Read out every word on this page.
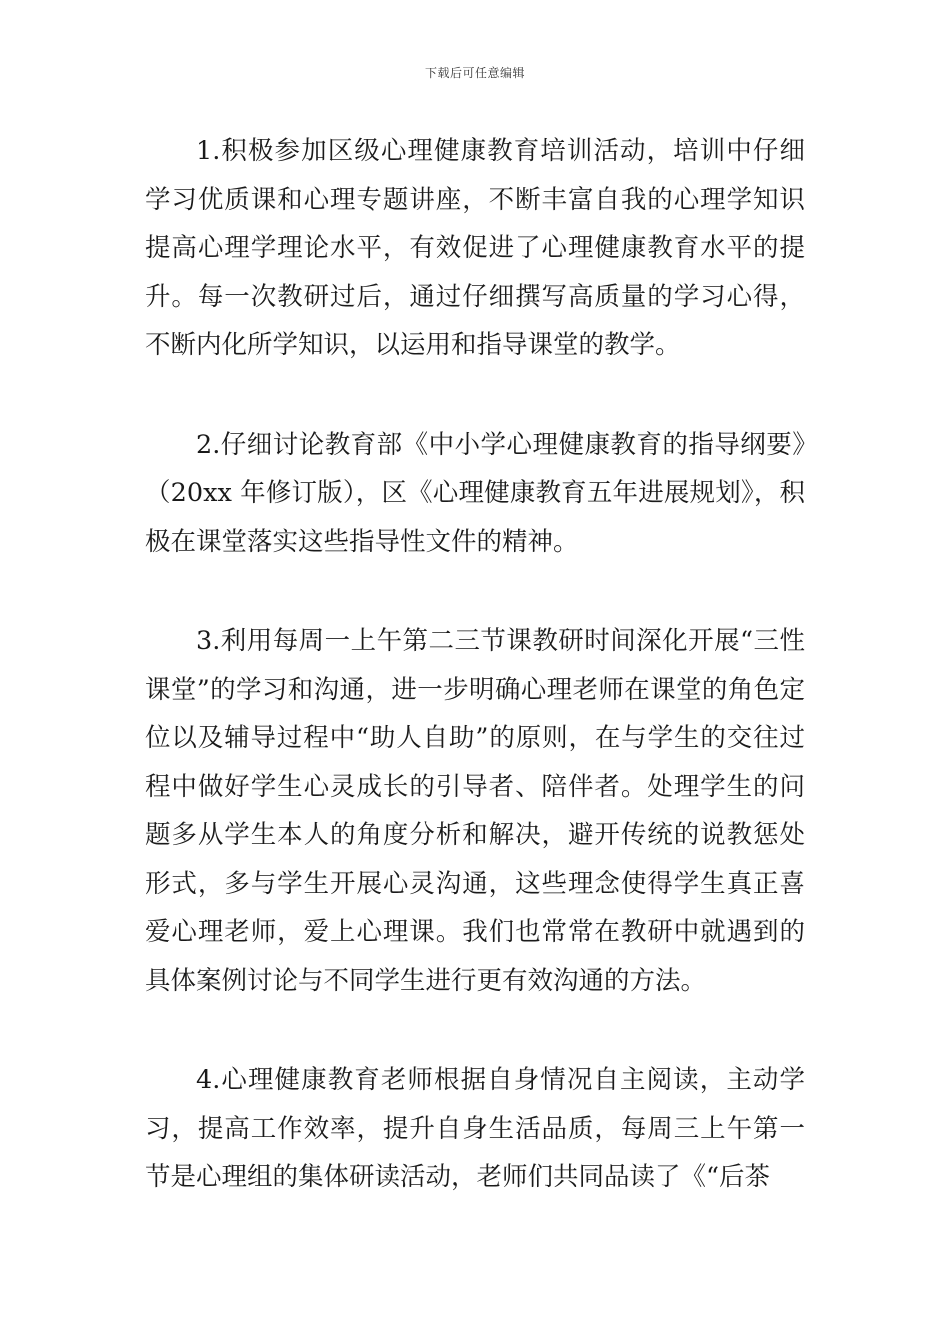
下载后可任意编辑

1.积极参加区级心理健康教育培训活动，培训中仔细学习优质课和心理专题讲座，不断丰富自我的心理学知识提高心理学理论水平，有效促进了心理健康教育水平的提升。每一次教研过后，通过仔细撰写高质量的学习心得，不断内化所学知识，以运用和指导课堂的教学。

2.仔细讨论教育部《中小学心理健康教育的指导纲要》（20xx 年修订版），区《心理健康教育五年进展规划》，积极在课堂落实这些指导性文件的精神。

3.利用每周一上午第二三节课教研时间深化开展“三性课堂”的学习和沟通，进一步明确心理老师在课堂的角色定位以及辅导过程中“助人自助”的原则，在与学生的交往过程中做好学生心灵成长的引导者、陪伴者。处理学生的问题多从学生本人的角度分析和解决，避开传统的说教惩处形式，多与学生开展心灵沟通，这些理念使得学生真正喜爱心理老师，爱上心理课。我们也常常在教研中就遇到的具体案例讨论与不同学生进行更有效沟通的方法。

4.心理健康教育老师根据自身情况自主阅读，主动学习，提高工作效率，提升自身生活品质，每周三上午第一节是心理组的集体研读活动，老师们共同品读了《“后茶
